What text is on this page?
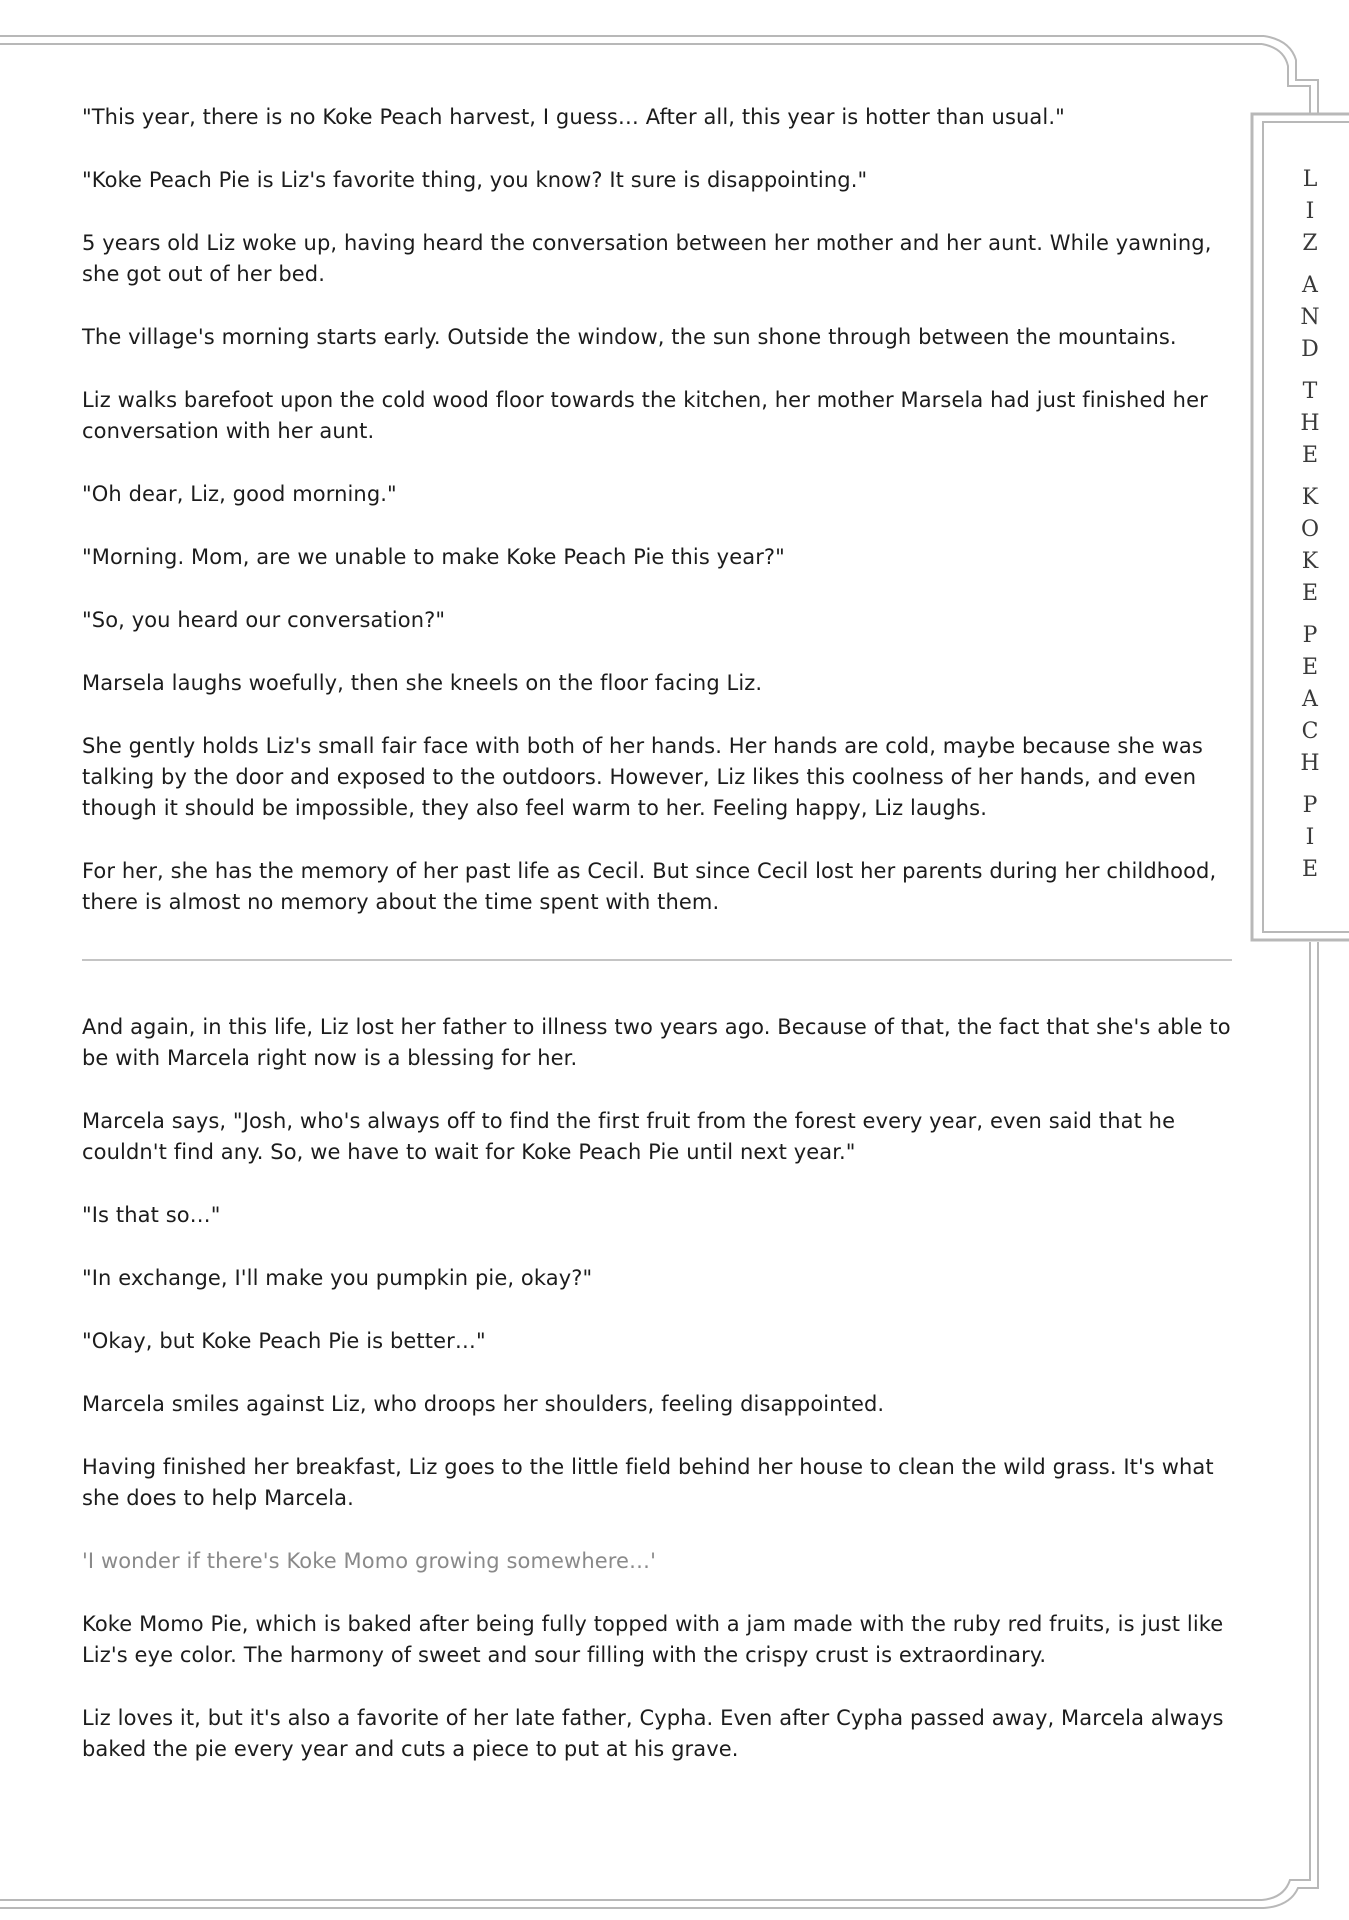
LIZ
AND
THE
KOKE
PEACH
PIE

"This year, there is no Koke Peach harvest, I guess… After all, this year is hotter than usual."

"Koke Peach Pie is Liz's favorite thing, you know? It sure is disappointing."

5 years old Liz woke up, having heard the conversation between her mother and her aunt. While yawning, she got out of her bed.

The village's morning starts early. Outside the window, the sun shone through between the mountains.

Liz walks barefoot upon the cold wood floor towards the kitchen, her mother Marsela had just finished her conversation with her aunt.

"Oh dear, Liz, good morning."

"Morning. Mom, are we unable to make Koke Peach Pie this year?"

"So, you heard our conversation?"

Marsela laughs woefully, then she kneels on the floor facing Liz.

She gently holds Liz's small fair face with both of her hands. Her hands are cold, maybe because she was talking by the door and exposed to the outdoors. However, Liz likes this coolness of her hands, and even though it should be impossible, they also feel warm to her. Feeling happy, Liz laughs.

For her, she has the memory of her past life as Cecil. But since Cecil lost her parents during her childhood, there is almost no memory about the time spent with them.

And again, in this life, Liz lost her father to illness two years ago. Because of that, the fact that she's able to be with Marcela right now is a blessing for her.

Marcela says, "Josh, who's always off to find the first fruit from the forest every year, even said that he couldn't find any. So, we have to wait for Koke Peach Pie until next year."

"Is that so…"

"In exchange, I'll make you pumpkin pie, okay?"

"Okay, but Koke Peach Pie is better…"

Marcela smiles against Liz, who droops her shoulders, feeling disappointed.

Having finished her breakfast, Liz goes to the little field behind her house to clean the wild grass. It's what she does to help Marcela.

'I wonder if there's Koke Momo growing somewhere…'

Koke Momo Pie, which is baked after being fully topped with a jam made with the ruby red fruits, is just like Liz's eye color. The harmony of sweet and sour filling with the crispy crust is extraordinary.

Liz loves it, but it's also a favorite of her late father, Cypha. Even after Cypha passed away, Marcela always baked the pie every year and cuts a piece to put at his grave.
